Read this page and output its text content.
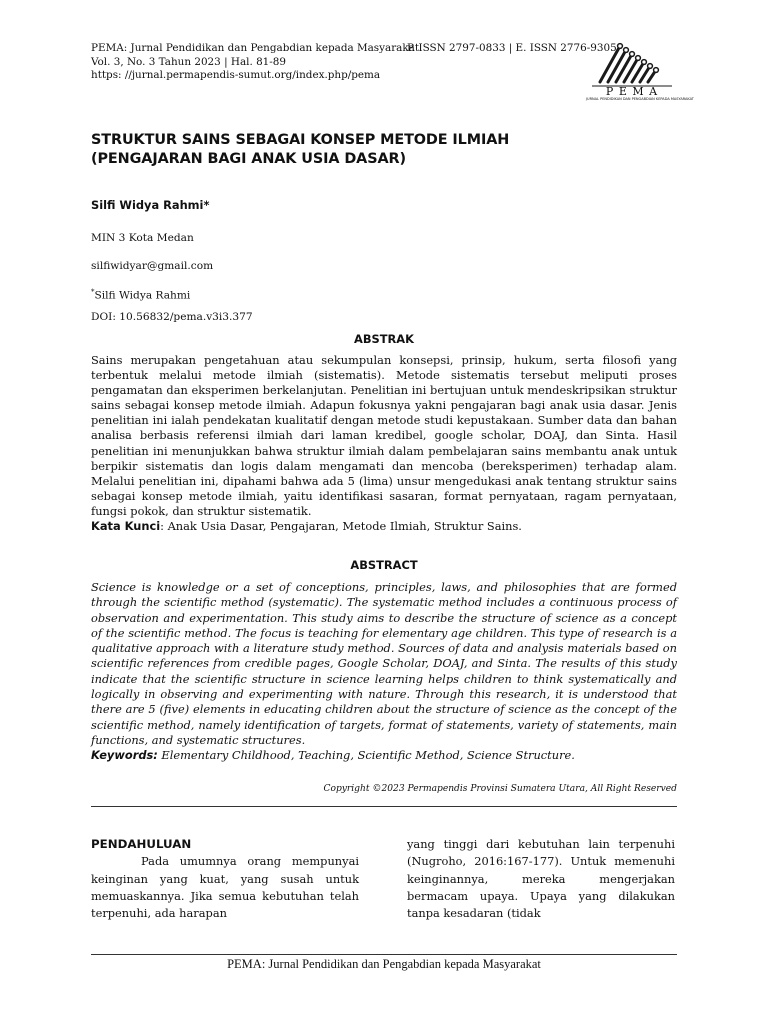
PEMA: Jurnal Pendidikan dan Pengabdian kepada Masyarakat
P. ISSN 2797-0833 | E. ISSN 2776-9305
Vol. 3, No. 3 Tahun 2023 | Hal. 81-89
https: //jurnal.permapendis-sumut.org/index.php/pema
P E M A
JURNAL PENDIDIKAN DAN PENGABDIAN KEPADA MASYARAKAT
STRUKTUR SAINS SEBAGAI KONSEP METODE ILMIAH
(PENGAJARAN BAGI ANAK USIA DASAR)
Silfi Widya Rahmi*
MIN 3 Kota Medan
silfiwidyar@gmail.com
*Silfi Widya Rahmi
DOI: 10.56832/pema.v3i3.377
ABSTRAK
Sains merupakan pengetahuan atau sekumpulan konsepsi, prinsip, hukum, serta filosofi yang terbentuk melalui metode ilmiah (sistematis). Metode sistematis tersebut meliputi proses pengamatan dan eksperimen berkelanjutan. Penelitian ini bertujuan untuk mendeskripsikan struktur sains sebagai konsep metode ilmiah. Adapun fokusnya yakni pengajaran bagi anak usia dasar. Jenis penelitian ini ialah pendekatan kualitatif dengan metode studi kepustakaan. Sumber data dan bahan analisa berbasis referensi ilmiah dari laman kredibel, google scholar, DOAJ, dan Sinta. Hasil penelitian ini menunjukkan bahwa struktur ilmiah dalam pembelajaran sains membantu anak untuk berpikir sistematis dan logis dalam mengamati dan mencoba (bereksperimen) terhadap alam. Melalui penelitian ini, dipahami bahwa ada 5 (lima) unsur mengedukasi anak tentang struktur sains sebagai konsep metode ilmiah, yaitu identifikasi sasaran, format pernyataan, ragam pernyataan, fungsi pokok, dan struktur sistematik.
Kata Kunci: Anak Usia Dasar, Pengajaran, Metode Ilmiah, Struktur Sains.
ABSTRACT
Science is knowledge or a set of conceptions, principles, laws, and philosophies that are formed through the scientific method (systematic). The systematic method includes a continuous process of observation and experimentation. This study aims to describe the structure of science as a concept of the scientific method. The focus is teaching for elementary age children. This type of research is a qualitative approach with a literature study method. Sources of data and analysis materials based on scientific references from credible pages, Google Scholar, DOAJ, and Sinta. The results of this study indicate that the scientific structure in science learning helps children to think systematically and logically in observing and experimenting with nature. Through this research, it is understood that there are 5 (five) elements in educating children about the structure of science as the concept of the scientific method, namely identification of targets, format of statements, variety of statements, main functions, and systematic structures.
Keywords: Elementary Childhood, Teaching, Scientific Method, Science Structure.
Copyright ©2023 Permapendis Provinsi Sumatera Utara, All Right Reserved
PENDAHULUAN
Pada umumnya orang mempunyai keinginan yang kuat, yang susah untuk memuaskannya. Jika semua kebutuhan telah terpenuhi, ada harapan
yang tinggi dari kebutuhan lain terpenuhi (Nugroho, 2016:167-177). Untuk memenuhi keinginannya, mereka mengerjakan bermacam upaya. Upaya yang dilakukan tanpa kesadaran (tidak
PEMA: Jurnal Pendidikan dan Pengabdian kepada Masyarakat
